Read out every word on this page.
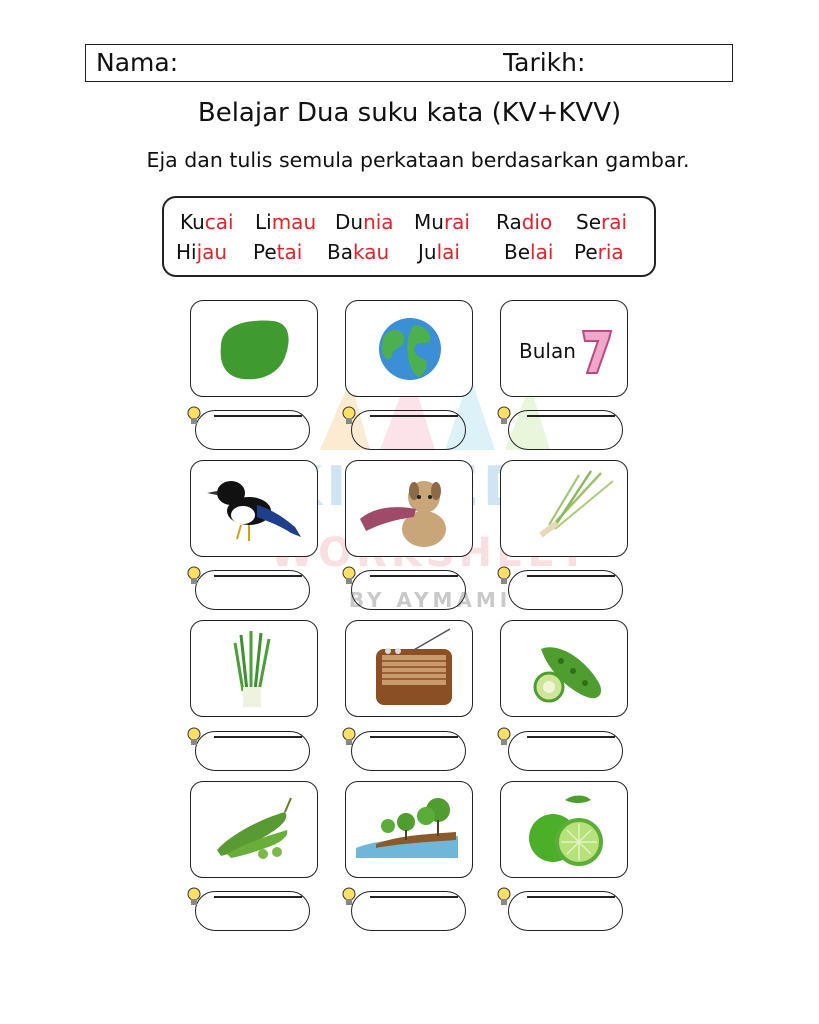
Nama:	Tarikh:
Belajar Dua suku kata (KV+KVV)
Eja dan tulis semula perkataan berdasarkan gambar.
Kucai Limau Dunia Murai Radio Serai
Hijau Petai Bakau Julai Belai Peria
BY AYMAMI
Bulan
